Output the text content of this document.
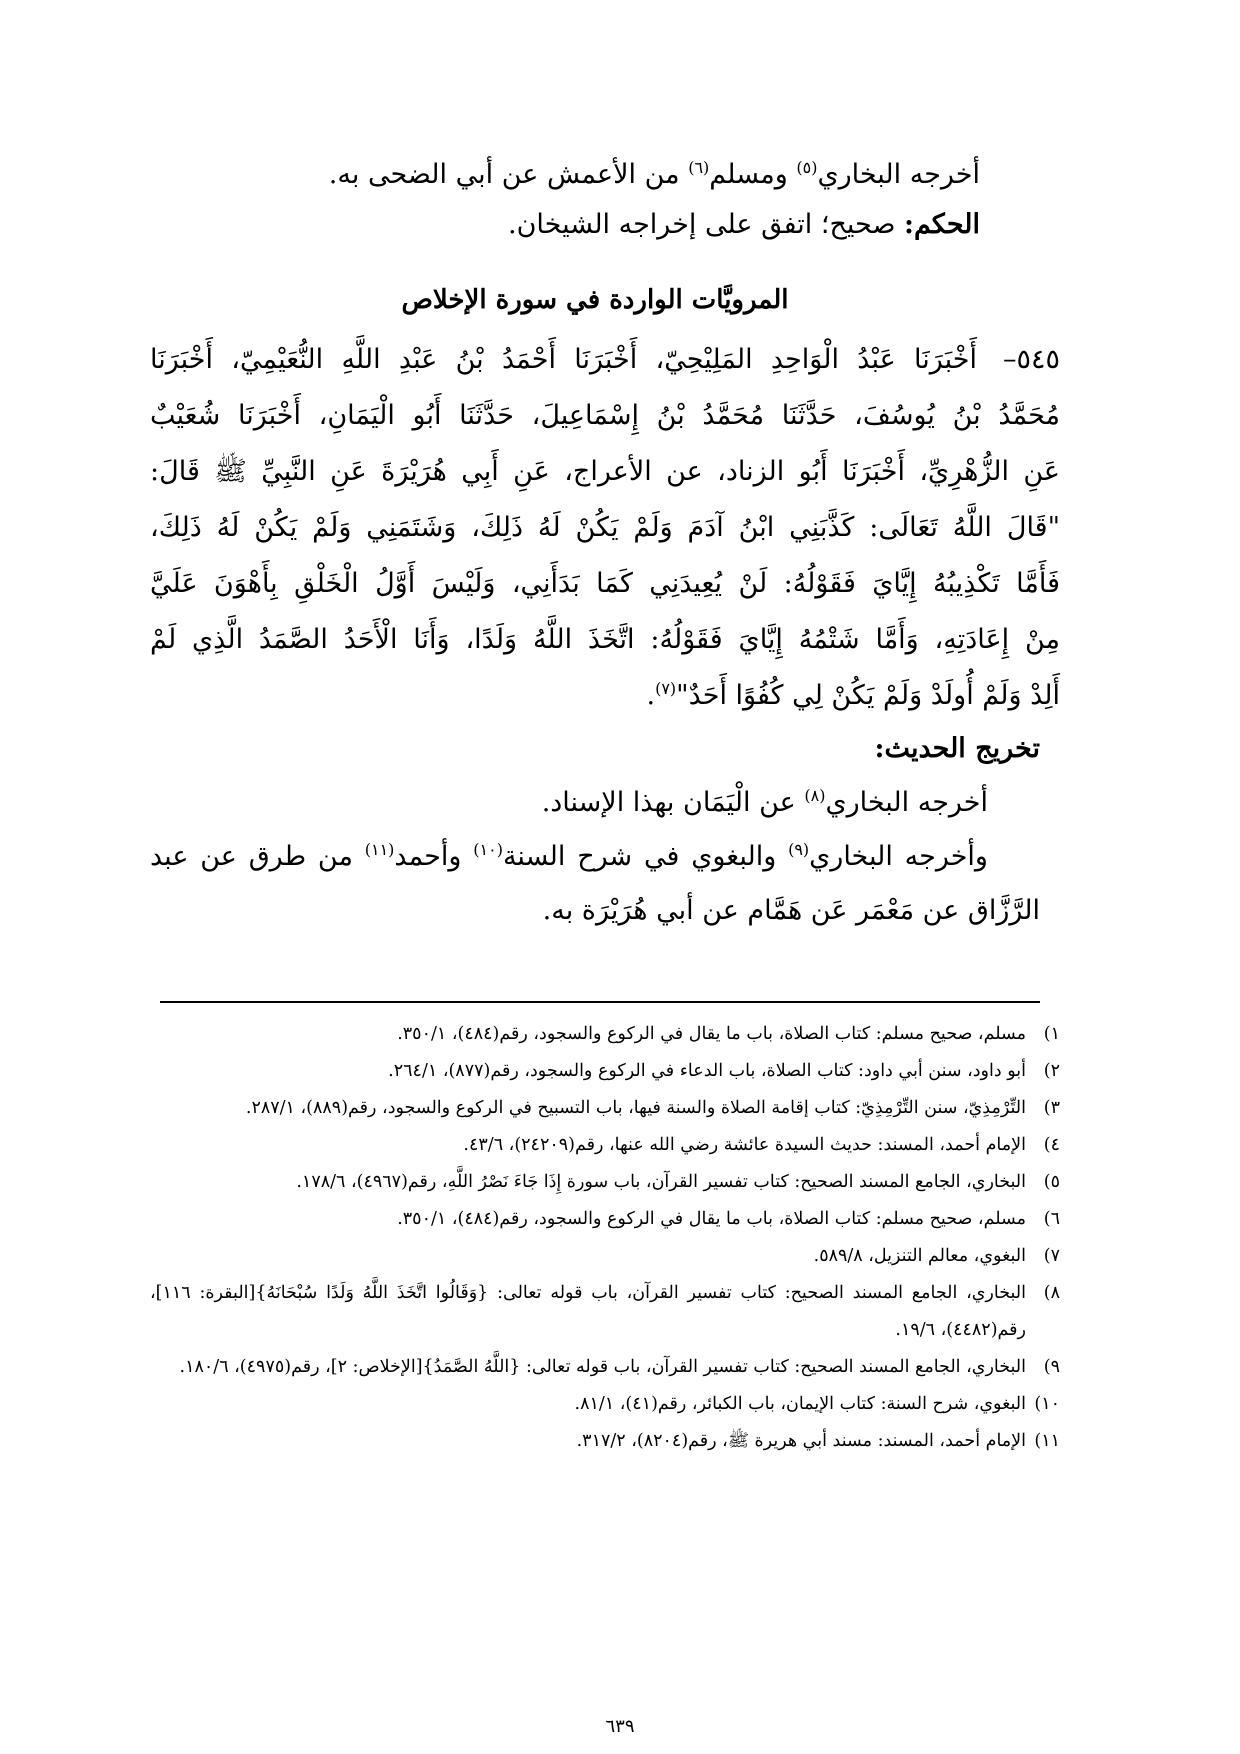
أخرجه البخاري$^{(٥)}$ ومسلم$^{(٦)}$ من الأعمش عن أبي الضحى به.
الحكم: صحيح؛ اتفق على إخراجه الشيخان.
المرويَّات الواردة في سورة الإخلاص
٥٤٥–أَخْبَرَنَا عَبْدُ الْوَاحِدِ المَلِيْحِيّ، أَخْبَرَنَا أَحْمَدُ بْنُ عَبْدِ اللَّهِ النُّعَيْمِيّ، أَخْبَرَنَا
مُحَمَّدُ بْنُ يُوسُفَ، حَدَّثَنَا مُحَمَّدُ بْنُ إِسْمَاعِيلَ، حَدَّثَنَا أَبُو الْيَمَانِ، أَخْبَرَنَا شُعَيْبٌ
عَنِ الزُّهْرِيِّ، أَخْبَرَنَا أَبُو الزناد، عن الأعراج، عَنِ أَبِي هُرَيْرَةَ عَنِ النَّبِيِّ ﷺ قَالَ:
"قَالَ اللَّهُ تَعَالَى: كَذَّبَنِي ابْنُ آدَمَ وَلَمْ يَكُنْ لَهُ ذَلِكَ، وَشَتَمَنِي وَلَمْ يَكُنْ لَهُ ذَلِكَ،
فَأَمَّا تَكْذِيبُهُ إِيَّايَ فَقَوْلُهُ: لَنْ يُعِيدَنِي كَمَا بَدَأَنِي، وَلَيْسَ أَوَّلُ الْخَلْقِ بِأَهْوَنَ عَلَيَّ
مِنْ إِعَادَتِهِ، وَأَمَّا شَتْمُهُ إِيَّايَ فَقَوْلُهُ: اتَّخَذَ اللَّهُ وَلَدًا، وَأَنَا الْأَحَدُ الصَّمَدُ الَّذِي لَمْ
أَلِدْ وَلَمْ أُولَدْ وَلَمْ يَكُنْ لِي كُفُوًا أَحَدٌ"$^{(٧)}$.
تخريج الحديث:
أخرجه البخاري$^{(٨)}$ عن الْيَمَان بهذا الإسناد.
وأخرجه البخاري$^{(٩)}$ والبغوي في شرح السنة$^{(١٠)}$ وأحمد$^{(١١)}$ من طرق عن عبد
الرَّزَّاق عن مَعْمَر عَن هَمَّام عن أبي هُرَيْرَة به.
١)
مسلم، صحيح مسلم: كتاب الصلاة، باب ما يقال في الركوع والسجود، رقم(٤٨٤)، ٣٥٠/١.
٢)
أبو داود، سنن أبي داود: كتاب الصلاة، باب الدعاء في الركوع والسجود، رقم(٨٧٧)، ٢٦٤/١.
٣)
التِّرْمِذِيّ، سنن التِّرْمِذِيّ: كتاب إقامة الصلاة والسنة فيها، باب التسبيح في الركوع والسجود، رقم(٨٨٩)، ٢٨٧/١.
٤)
الإمام أحمد، المسند: حديث السيدة عائشة رضي الله عنها، رقم(٢٤٢٠٩)، ٤٣/٦.
٥)
البخاري، الجامع المسند الصحيح: كتاب تفسير القرآن، باب سورة إِذَا جَاءَ نَصْرُ اللَّهِ، رقم(٤٩٦٧)، ١٧٨/٦.
٦)
مسلم، صحيح مسلم: كتاب الصلاة، باب ما يقال في الركوع والسجود، رقم(٤٨٤)، ٣٥٠/١.
٧)
البغوي، معالم التنزيل، ٥٨٩/٨.
٨)
البخاري، الجامع المسند الصحيح: كتاب تفسير القرآن، باب قوله تعالى: {وَقَالُوا اتَّخَذَ اللَّهُ وَلَدًا سُبْحَانَهُ}[البقرة: ١١٦]، رقم(٤٤٨٢)، ١٩/٦.
٩)
البخاري، الجامع المسند الصحيح: كتاب تفسير القرآن، باب قوله تعالى: {اللَّهُ الصَّمَدُ}[الإخلاص: ٢]، رقم(٤٩٧٥)، ١٨٠/٦.
١٠)
البغوي، شرح السنة: كتاب الإيمان، باب الكبائر، رقم(٤١)، ٨١/١.
١١)
الإمام أحمد، المسند: مسند أبي هريرة ﷺ، رقم(٨٢٠٤)، ٣١٧/٢.
٦٣٩
